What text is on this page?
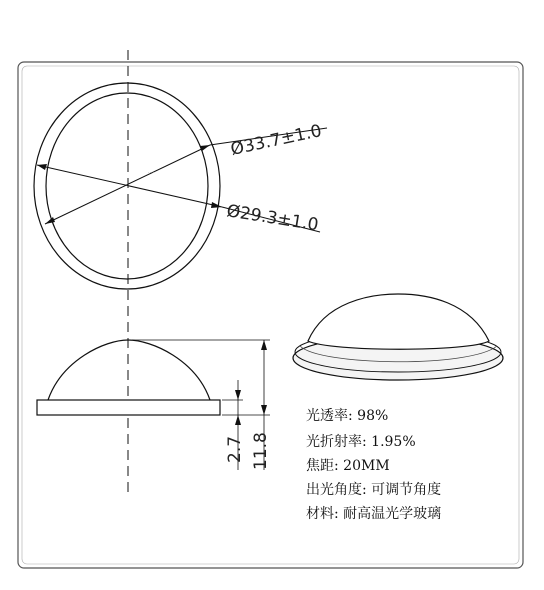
····
Ø33.7±1.0
Ø29.3±1.0
2.7 11.8
光透率: 98%
光折射率: 1.95%
焦距: 20MM
出光角度: 可调节角度
材料: 耐高温光学玻璃
